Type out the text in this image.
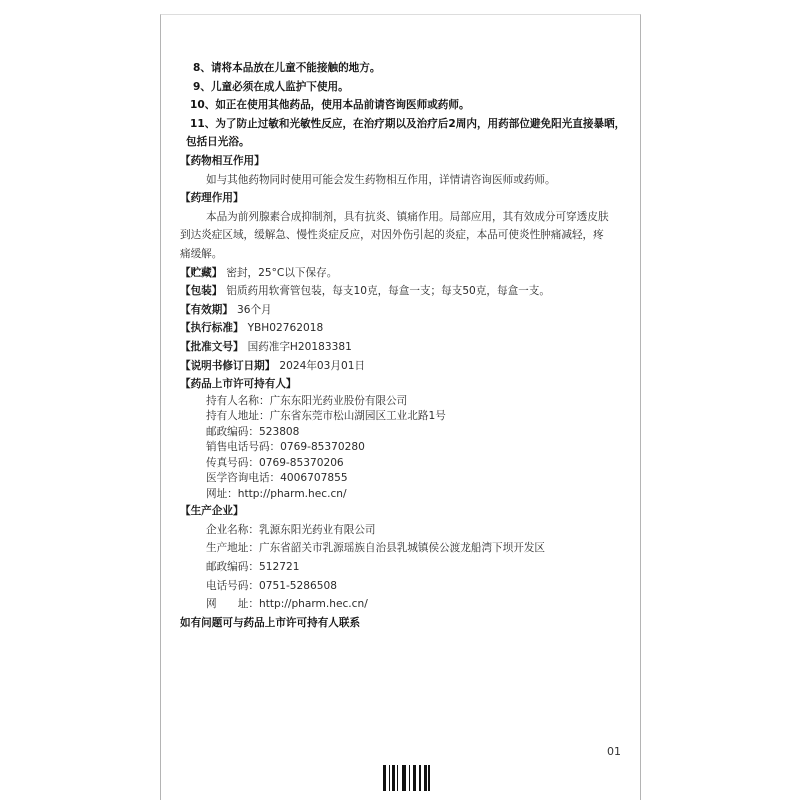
8、请将本品放在儿童不能接触的地方。
9、儿童必须在成人监护下使用。
10、如正在使用其他药品，使用本品前请咨询医师或药师。
11、为了防止过敏和光敏性反应，在治疗期以及治疗后2周内，用药部位避免阳光直接暴晒，
包括日光浴。
【药物相互作用】
如与其他药物同时使用可能会发生药物相互作用，详情请咨询医师或药师。
【药理作用】
本品为前列腺素合成抑制剂，具有抗炎、镇痛作用。局部应用，其有效成分可穿透皮肤
到达炎症区域，缓解急、慢性炎症反应，对因外伤引起的炎症，本品可使炎性肿痛减轻，疼
痛缓解。
【贮藏】 密封，25°C以下保存。
【包装】 铝质药用软膏管包装，每支10克，每盒一支；每支50克，每盒一支。
【有效期】 36个月
【执行标准】 YBH02762018
【批准文号】 国药准字H20183381
【说明书修订日期】 2024年03月01日
【药品上市许可持有人】
持有人名称：广东东阳光药业股份有限公司
持有人地址：广东省东莞市松山湖园区工业北路1号
邮政编码：523808
销售电话号码：0769-85370280
传真号码：0769-85370206
医学咨询电话：4006707855
网址：http://pharm.hec.cn/
【生产企业】
企业名称：乳源东阳光药业有限公司
生产地址：广东省韶关市乳源瑶族自治县乳城镇侯公渡龙船湾下坝开发区
邮政编码：512721
电话号码：0751-5286508
网　　址：http://pharm.hec.cn/
如有问题可与药品上市许可持有人联系
01
